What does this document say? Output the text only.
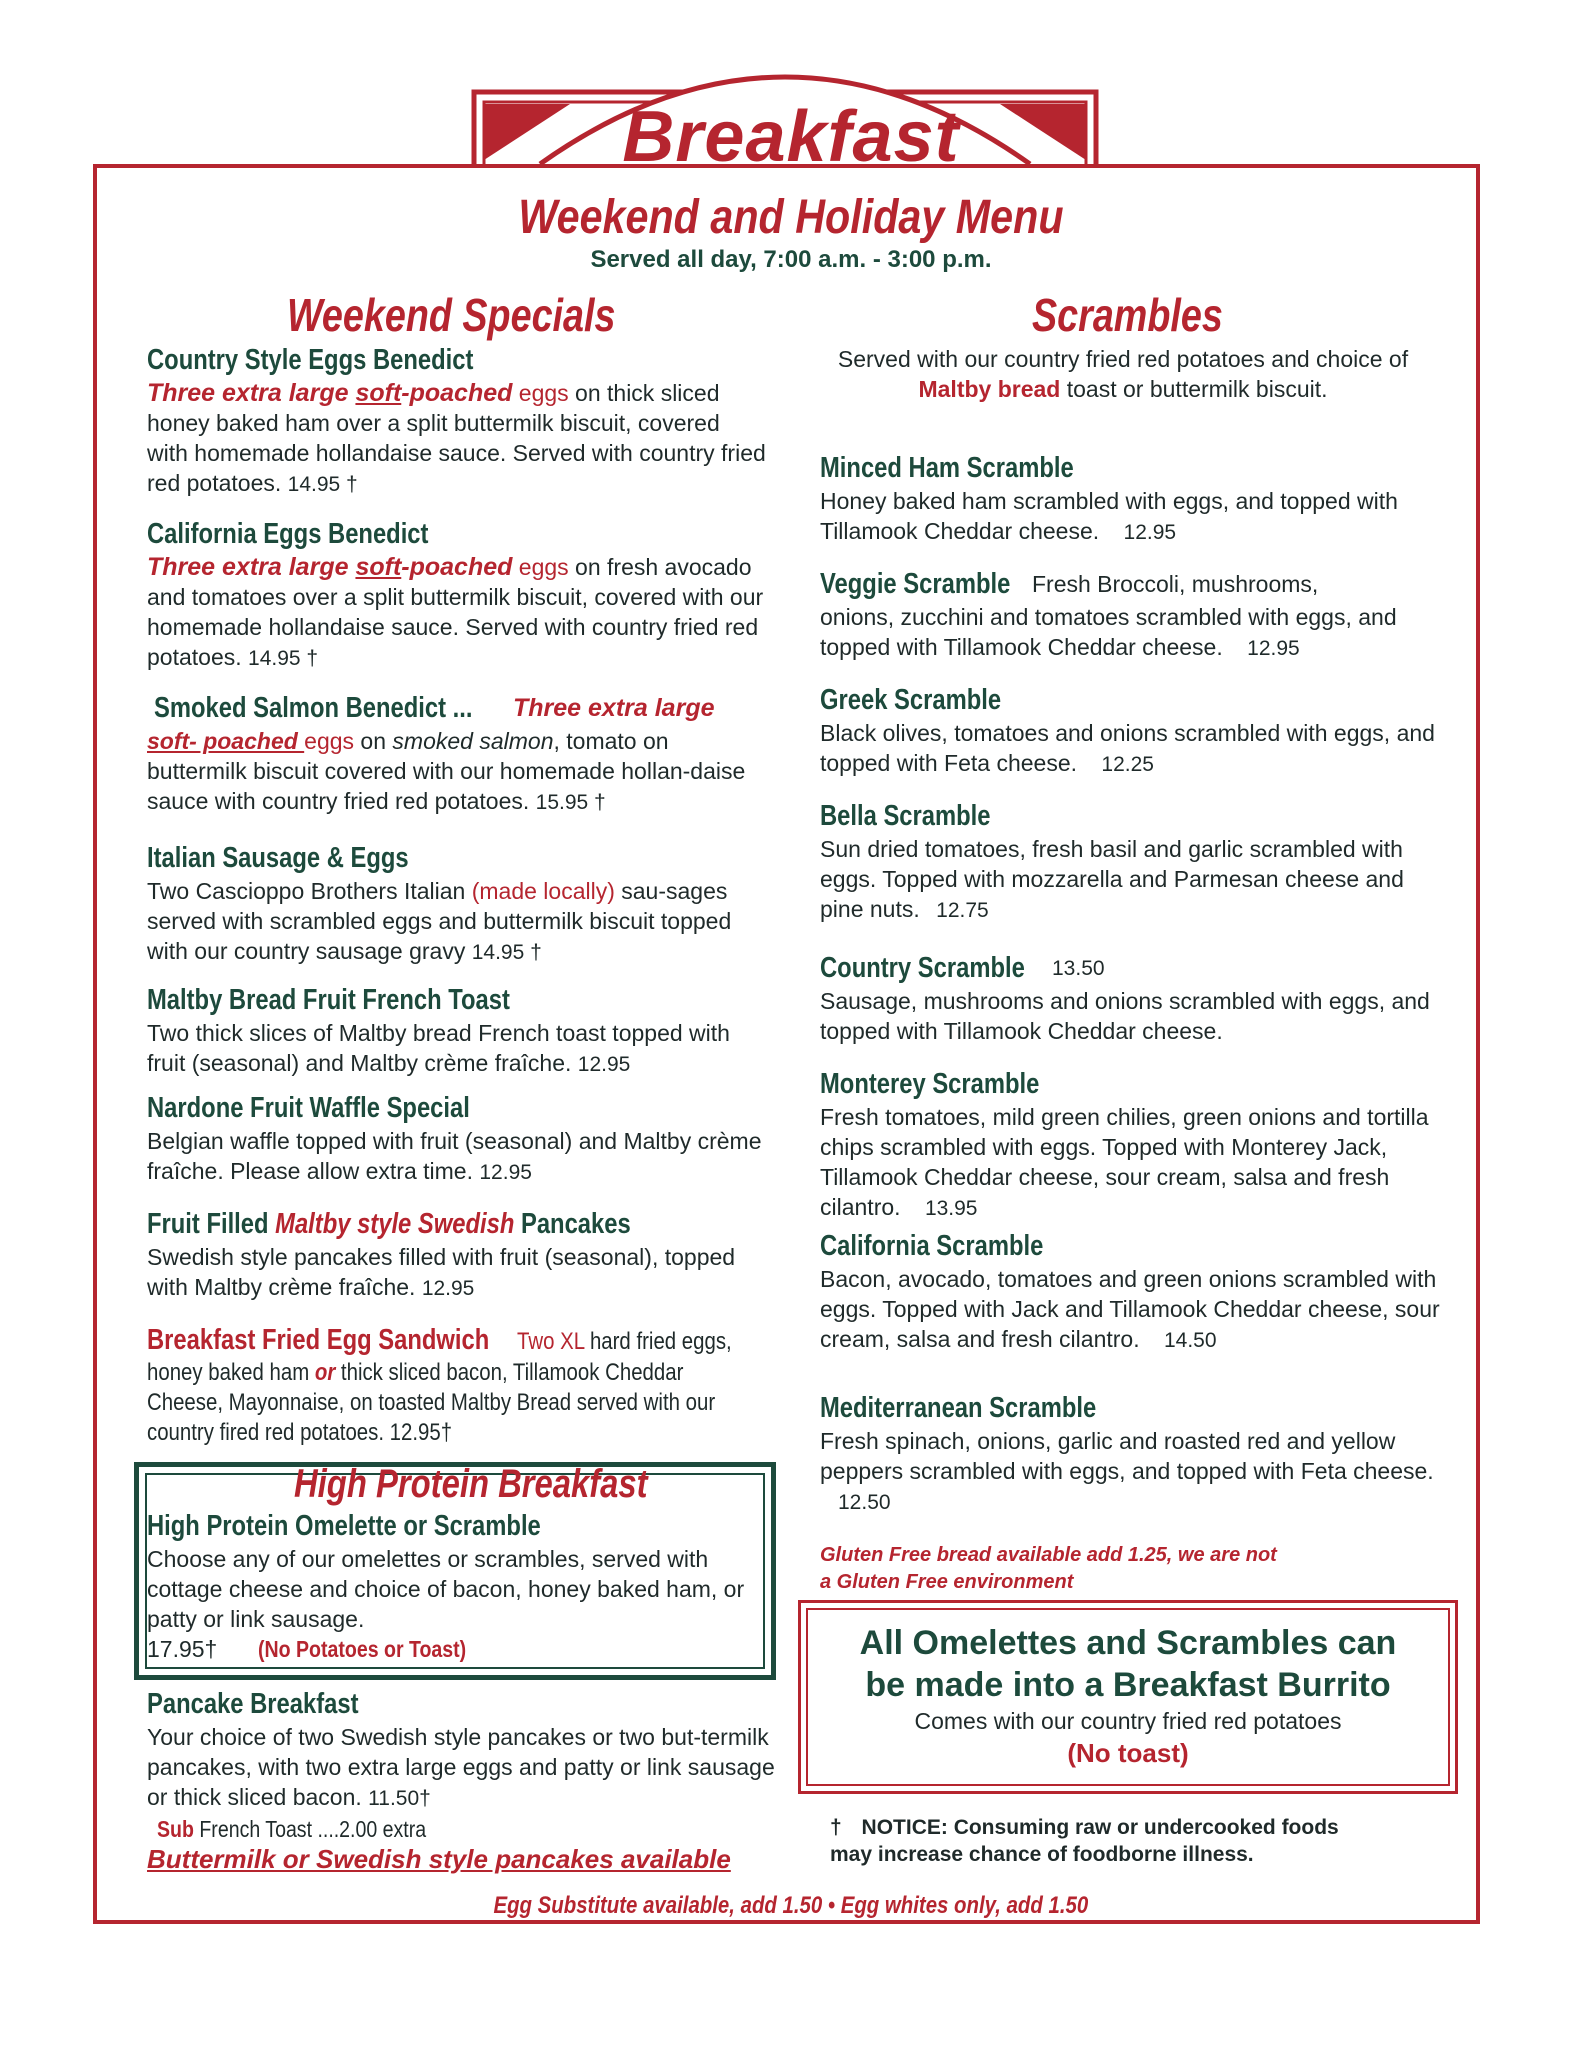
Breakfast
Weekend and Holiday Menu
Served all day, 7:00 a.m. - 3:00 p.m.
Weekend Specials
Country Style Eggs Benedict
Three extra large soft-poached eggs on thick sliced honey baked ham over a split buttermilk biscuit, covered with homemade hollandaise sauce. Served with country fried red potatoes. 14.95 †
California Eggs Benedict
Three extra large soft-poached eggs on fresh avocado and tomatoes over a split buttermilk biscuit, covered with our homemade hollandaise sauce. Served with country fried red potatoes. 14.95 †
Smoked Salmon Benedict ... Three extra large
soft- poached eggs on smoked salmon, tomato on buttermilk biscuit covered with our homemade hollan-daise sauce with country fried red potatoes. 15.95 †
Italian Sausage & Eggs
Two Cascioppo Brothers Italian (made locally) sau-sages served with scrambled eggs and buttermilk biscuit topped with our country sausage gravy 14.95 †
Maltby Bread Fruit French Toast
Two thick slices of Maltby bread French toast topped with fruit (seasonal) and Maltby crème fraîche. 12.95
Nardone Fruit Waffle Special
Belgian waffle topped with fruit (seasonal) and Maltby crème fraîche. Please allow extra time. 12.95
Fruit Filled Maltby style Swedish Pancakes
Swedish style pancakes filled with fruit (seasonal), topped with Maltby crème fraîche. 12.95
Breakfast Fried Egg Sandwich	Two XL hard fried eggs,
honey baked ham or thick sliced bacon, Tillamook Cheddar
Cheese, Mayonnaise, on toasted Maltby Bread served with our
country fired red potatoes. 12.95†
High Protein Breakfast
High Protein Omelette or Scramble
Choose any of our omelettes or scrambles, served with cottage cheese and choice of bacon, honey baked ham, or patty or link sausage.
17.95† (No Potatoes or Toast)
Pancake Breakfast
Your choice of two Swedish style pancakes or two but-termilk pancakes, with two extra large eggs and patty or link sausage or thick sliced bacon. 11.50†
Sub French Toast ....2.00 extra
Buttermilk or Swedish style pancakes available
Scrambles
Served with our country fried red potatoes and choice of Maltby bread toast or buttermilk biscuit.
Minced Ham Scramble
Honey baked ham scrambled with eggs, and topped with Tillamook Cheddar cheese. 12.95
Veggie Scramble Fresh Broccoli, mushrooms,
onions, zucchini and tomatoes scrambled with eggs, and topped with Tillamook Cheddar cheese. 12.95
Greek Scramble
Black olives, tomatoes and onions scrambled with eggs, and topped with Feta cheese. 12.25
Bella Scramble
Sun dried tomatoes, fresh basil and garlic scrambled with eggs. Topped with mozzarella and Parmesan cheese and pine nuts. 12.75
Country Scramble 13.50
Sausage, mushrooms and onions scrambled with eggs, and topped with Tillamook Cheddar cheese.
Monterey Scramble
Fresh tomatoes, mild green chilies, green onions and tortilla chips scrambled with eggs. Topped with Monterey Jack, Tillamook Cheddar cheese, sour cream, salsa and fresh cilantro. 13.95
California Scramble
Bacon, avocado, tomatoes and green onions scrambled with eggs. Topped with Jack and Tillamook Cheddar cheese, sour cream, salsa and fresh cilantro. 14.50
Mediterranean Scramble
Fresh spinach, onions, garlic and roasted red and yellow peppers scrambled with eggs, and topped with Feta cheese. 12.50
Gluten Free bread available add 1.25, we are not
a Gluten Free environment
All Omelettes and Scrambles can
be made into a Breakfast Burrito
Comes with our country fried red potatoes
(No toast)
† NOTICE: Consuming raw or undercooked foods
may increase chance of foodborne illness.
Egg Substitute available, add 1.50 • Egg whites only, add 1.50
